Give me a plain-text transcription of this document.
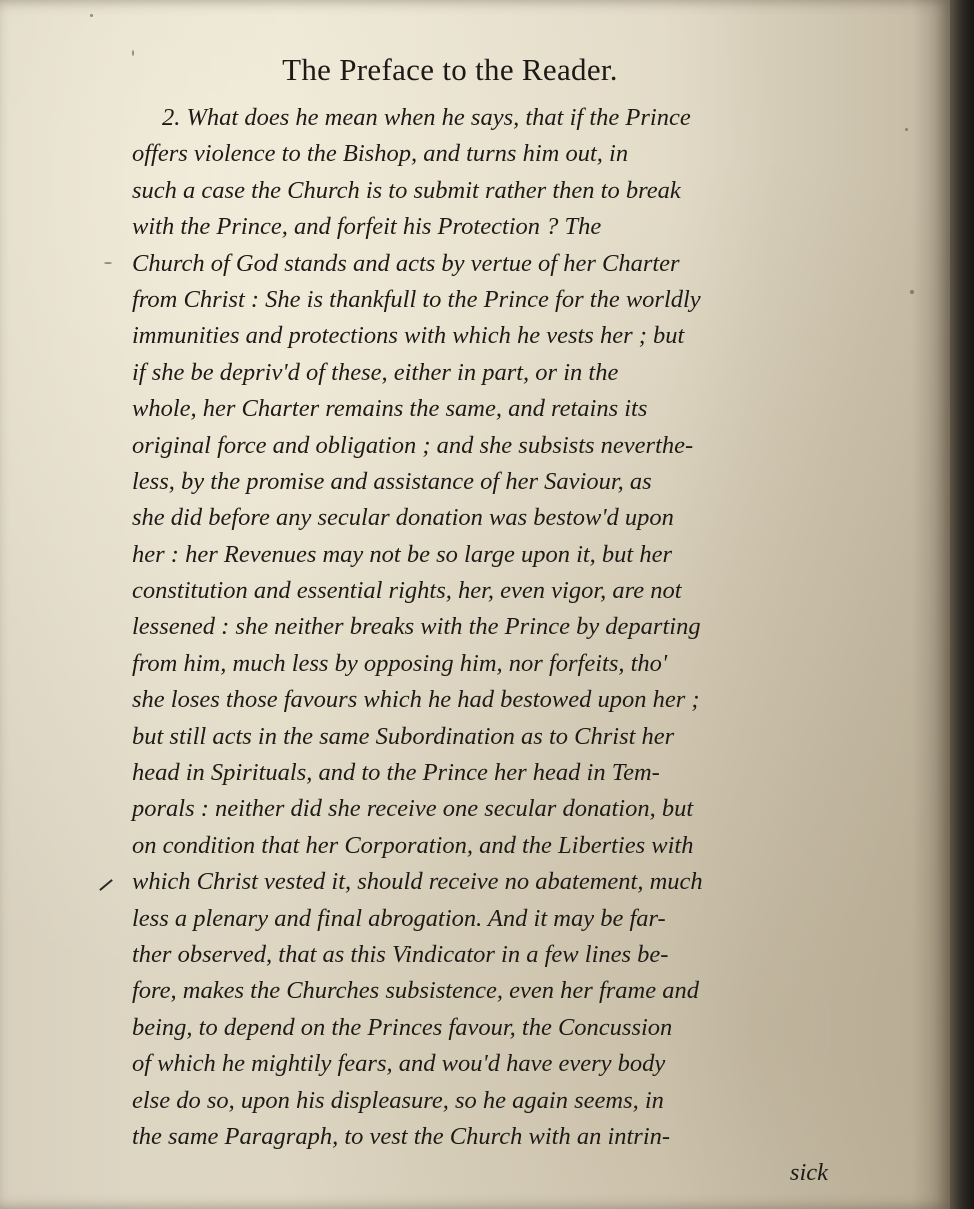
The Preface to the Reader.
2. What does he mean when he says, that if the Prince
offers violence to the Bishop, and turns him out, in
such a case the Church is to submit rather then to break
with the Prince, and forfeit his Protection ? The
Church of God stands and acts by vertue of her Charter
from Christ : She is thankfull to the Prince for the worldly
immunities and protections with which he vests her ; but
if she be depriv'd of these, either in part, or in the
whole, her Charter remains the same, and retains its
original force and obligation ; and she subsists neverthe-
less, by the promise and assistance of her Saviour, as
she did before any secular donation was bestow'd upon
her : her Revenues may not be so large upon it, but her
constitution and essential rights, her, even vigor, are not
lessened : she neither breaks with the Prince by departing
from him, much less by opposing him, nor forfeits, tho'
she loses those favours which he had bestowed upon her ;
but still acts in the same Subordination as to Christ her
head in Spirituals, and to the Prince her head in Tem-
porals : neither did she receive one secular donation, but
on condition that her Corporation, and the Liberties with
which Christ vested it, should receive no abatement, much
less a plenary and final abrogation. And it may be far-
ther observed, that as this Vindicator in a few lines be-
fore, makes the Churches subsistence, even her frame and
being, to depend on the Princes favour, the Concussion
of which he mightily fears, and wou'd have every body
else do so, upon his displeasure, so he again seems, in
the same Paragraph, to vest the Church with an intrin-
sick
